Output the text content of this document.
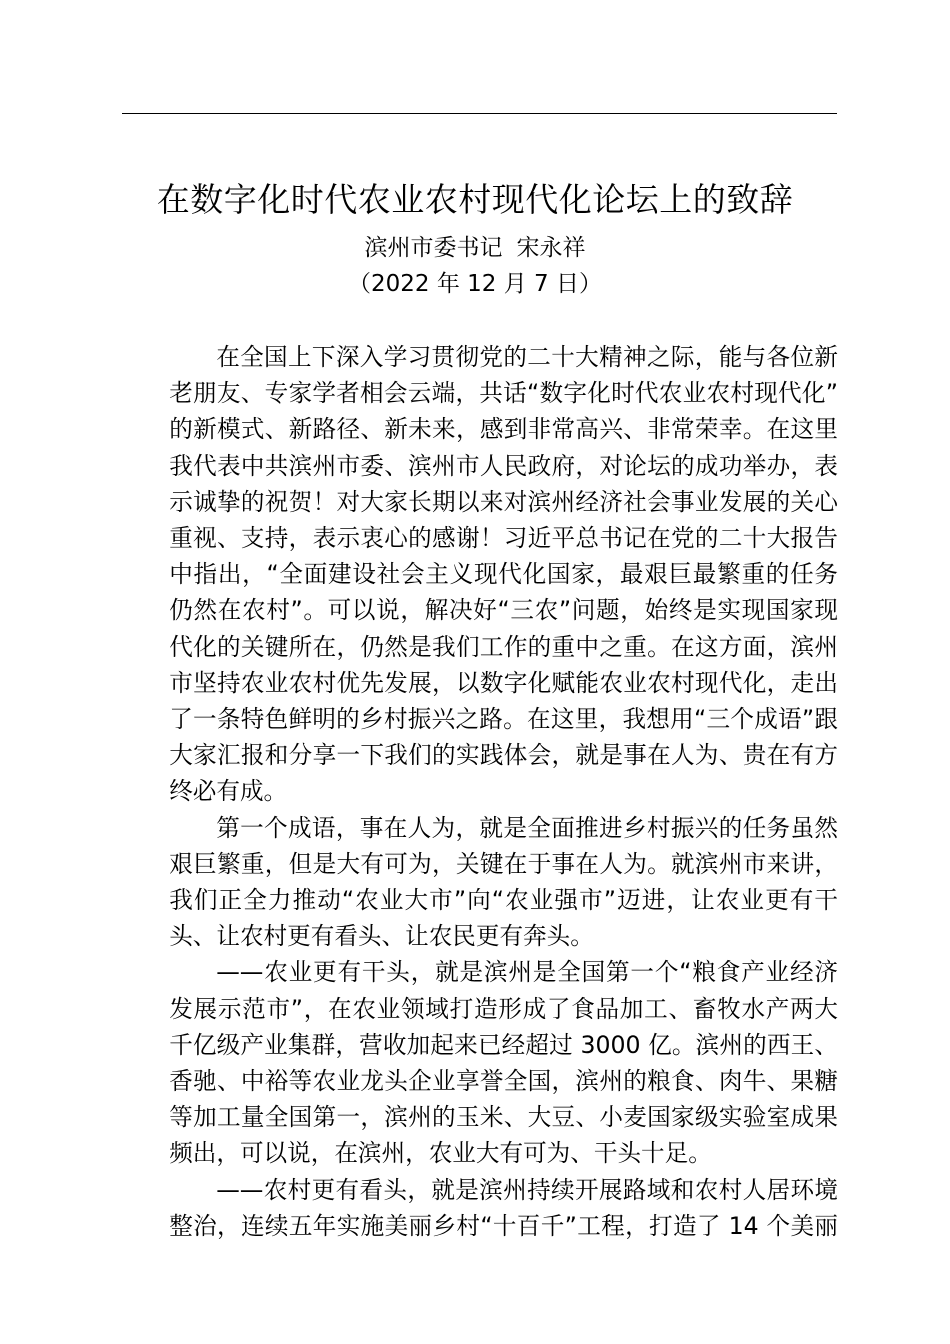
在数字化时代农业农村现代化论坛上的致辞
滨州市委书记 宋永祥
（2022 年 12 月 7 日）

在全国上下深入学习贯彻党的二十大精神之际，能与各位新
老朋友、专家学者相会云端，共话“数字化时代农业农村现代化”
的新模式、新路径、新未来，感到非常高兴、非常荣幸。在这里
我代表中共滨州市委、滨州市人民政府，对论坛的成功举办，表
示诚挚的祝贺！对大家长期以来对滨州经济社会事业发展的关心
重视、支持，表示衷心的感谢！习近平总书记在党的二十大报告
中指出，“全面建设社会主义现代化国家，最艰巨最繁重的任务
仍然在农村”。可以说，解决好“三农”问题，始终是实现国家现
代化的关键所在，仍然是我们工作的重中之重。在这方面，滨州
市坚持农业农村优先发展，以数字化赋能农业农村现代化，走出
了一条特色鲜明的乡村振兴之路。在这里，我想用“三个成语”跟
大家汇报和分享一下我们的实践体会，就是事在人为、贵在有方
终必有成。

第一个成语，事在人为，就是全面推进乡村振兴的任务虽然
艰巨繁重，但是大有可为，关键在于事在人为。就滨州市来讲，
我们正全力推动“农业大市”向“农业强市”迈进，让农业更有干
头、让农村更有看头、让农民更有奔头。

——农业更有干头，就是滨州是全国第一个“粮食产业经济
发展示范市”，在农业领域打造形成了食品加工、畜牧水产两大
千亿级产业集群，营收加起来已经超过 3000 亿。滨州的西王、
香驰、中裕等农业龙头企业享誉全国，滨州的粮食、肉牛、果糖
等加工量全国第一，滨州的玉米、大豆、小麦国家级实验室成果
频出，可以说，在滨州，农业大有可为、干头十足。

——农村更有看头，就是滨州持续开展路域和农村人居环境
整治，连续五年实施美丽乡村“十百千”工程，打造了 14 个美丽
